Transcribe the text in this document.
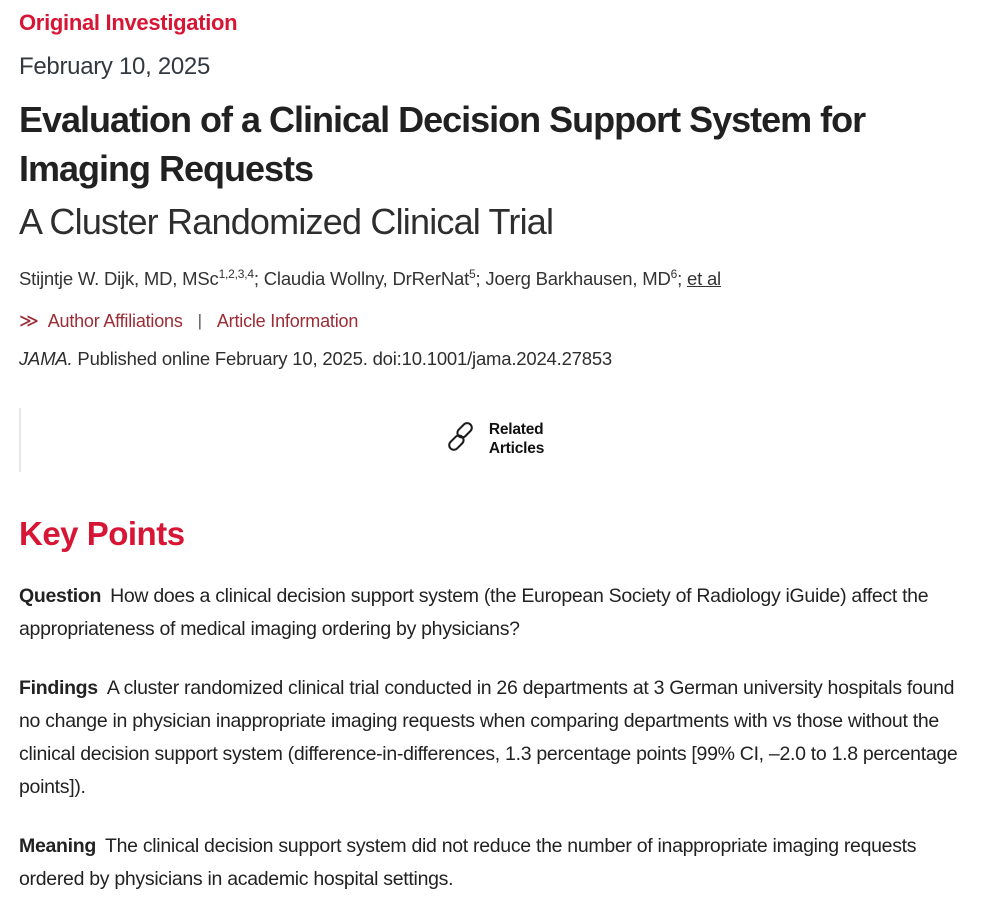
Original Investigation
February 10, 2025
Evaluation of a Clinical Decision Support System for Imaging Requests
A Cluster Randomized Clinical Trial
Stijntje W. Dijk, MD, MSc$^{1,2,3,4}$; Claudia Wollny, DrRerNat$^5$; Joerg Barkhausen, $MD^6$; et al
≫ Author Affiliations | Article Information
JAMA. Published online February 10, 2025. doi:10.1001/jama.2024.27853
Related
Articles
Key Points

Question How does a clinical decision support system (the European Society of Radiology iGuide) affect the appropriateness of medical imaging ordering by physicians?

Findings A cluster randomized clinical trial conducted in 26 departments at 3 German university hospitals found no change in physician inappropriate imaging requests when comparing departments with vs those without the clinical decision support system (difference-in-differences, 1.3 percentage points [99% CI, –2.0 to 1.8 percentage points]).

Meaning The clinical decision support system did not reduce the number of inappropriate imaging requests ordered by physicians in academic hospital settings.
